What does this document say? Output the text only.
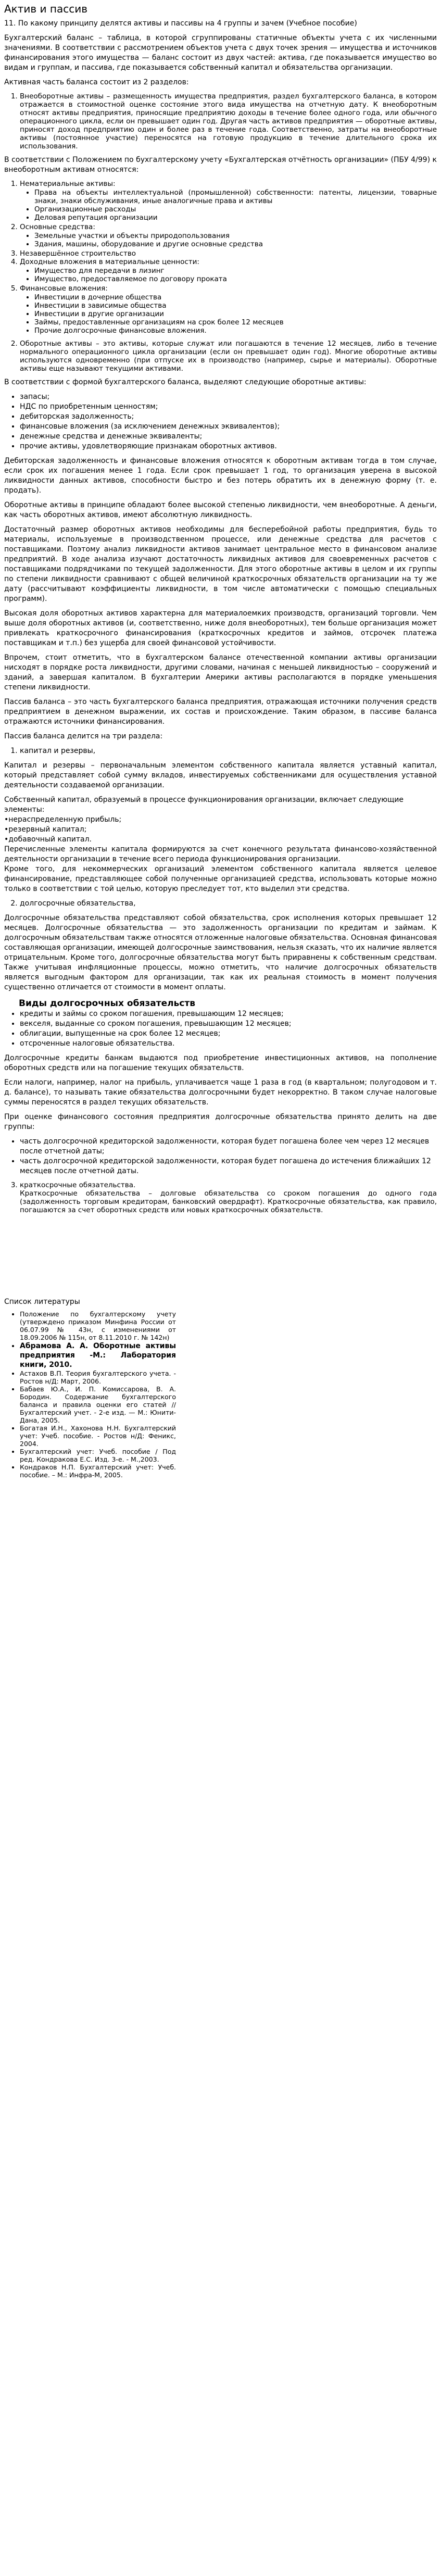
Актив и пассив

11. По какому принципу делятся активы и пассивы на 4 группы и зачем (Учебное пособие)

Бухгалтерский баланс – таблица, в которой сгруппированы статичные объекты учета с их численными значениями. В соответствии с рассмотрением объектов учета с двух точек зрения — имущества и источников финансирования этого имущества — баланс состоит из двух частей: актива, где показывается имущество во видам и группам, и пассива, где показывается собственный капитал и обязательства организации.

Активная часть баланса состоит из 2 разделов:

1. Внеоборотные активы – размещенность имущества предприятия, раздел бухгалтерского баланса, в котором отражается в стоимостной оценке состояние этого вида имущества на отчетную дату. К внеоборотным относят активы предприятия, приносящие предприятию доходы в течение более одного года, или обычного операционного цикла, если он превышает один год. Другая часть активов предприятия — оборотные активы, приносят доход предприятию один и более раз в течение года. Соответственно, затраты на внеоборотные активы (постоянное участие) переносятся на готовую продукцию в течение длительного срока их использования.

В соответствии с Положением по бухгалтерскому учету «Бухгалтерская отчётность организации» (ПБУ 4/99) к внеоборотным активам относятся:

1. Нематериальные активы:
• Права на объекты интеллектуальной (промышленной) собственности: патенты, лицензии, товарные знаки, знаки обслуживания, иные аналогичные права и активы
• Организационные расходы
• Деловая репутация организации
2. Основные средства:
• Земельные участки и объекты природопользования
• Здания, машины, оборудование и другие основные средства
3. Незавершённое строительство
4. Доходные вложения в материальные ценности:
• Имущество для передачи в лизинг
• Имущество, предоставляемое по договору проката
5. Финансовые вложения:
• Инвестиции в дочерние общества
• Инвестиции в зависимые общества
• Инвестиции в другие организации
• Займы, предоставленные организациям на срок более 12 месяцев
• Прочие долгосрочные финансовые вложения.
2. Оборотные активы – это активы, которые служат или погашаются в течение 12 месяцев, либо в течение нормального операционного цикла организации (если он превышает один год). Многие оборотные активы используются одновременно (при отпуске их в производство (например, сырье и материалы). Оборотные активы еще называют текущими активами.

В соответствии с формой бухгалтерского баланса, выделяют следующие оборотные активы:

• запасы;
• НДС по приобретенным ценностям;
• дебиторская задолженность;
• финансовые вложения (за исключением денежных эквивалентов);
• денежные средства и денежные эквиваленты;
• прочие активы, удовлетворяющие признакам оборотных активов.

Дебиторская задолженность и финансовые вложения относятся к оборотным активам тогда в том случае, если срок их погашения менее 1 года. Если срок превышает 1 год, то организация уверена в высокой ликвидности данных активов, способности быстро и без потерь обратить их в денежную форму (т. е. продать).

Оборотные активы в принципе обладают более высокой степенью ликвидности, чем внеоборотные. А деньги, как часть оборотных активов, имеют абсолютную ликвидность.

Достаточный размер оборотных активов необходимы для бесперебойной работы предприятия, будь то материалы, используемые в производственном процессе, или денежные средства для расчетов с поставщиками. Поэтому анализ ликвидности активов занимает центральное место в финансовом анализе предприятий. В ходе анализа изучают достаточность ликвидных активов для своевременных расчетов с поставщиками подрядчиками по текущей задолженности. Для этого оборотные активы в целом и их группы по степени ликвидности сравнивают с общей величиной краткосрочных обязательств организации на ту же дату (рассчитывают коэффициенты ликвидности, в том числе автоматически с помощью специальных программ).

Высокая доля оборотных активов характерна для материалоемких производств, организаций торговли. Чем выше доля оборотных активов (и, соответственно, ниже доля внеоборотных), тем больше организация может привлекать краткосрочного финансирования (краткосрочных кредитов и займов, отсрочек платежа поставщикам и т.п.) без ущерба для своей финансовой устойчивости.

Впрочем, стоит отметить, что в бухгалтерском балансе отечественной компании активы организации нисходят в порядке роста ликвидности, другими словами, начиная с меньшей ликвидностью – сооружений и зданий, а завершая капиталом. В бухгалтерии Америки активы располагаются в порядке уменьшения степени ликвидности.

Пассив баланса – это часть бухгалтерского баланса предприятия, отражающая источники получения средств предприятием в денежном выражении, их состав и происхождение. Таким образом, в пассиве баланса отражаются источники финансирования.

Пассив баланса делится на три раздела:

1. капитал и резервы,

Капитал и резервы – первоначальным элементом собственного капитала является уставный капитал, который представляет собой сумму вкладов, инвестируемых собственниками для осуществления уставной деятельности создаваемой организации.

Собственный капитал, образуемый в процессе функционирования организации, включает следующие элементы:

•нераспределенную прибыль;

•резервный капитал;

•добавочный капитал.

Перечисленные элементы капитала формируются за счет конечного результата финансово-хозяйственной деятельности организации в течение всего периода функционирования организации.

Кроме того, для некоммерческих организаций элементом собственного капитала является целевое финансирование, представляющее собой полученные организацией средства, использовать которые можно только в соответствии с той целью, которую преследует тот, кто выделил эти средства.

2. долгосрочные обязательства,

Долгосрочные обязательства представляют собой обязательства, срок исполнения которых превышает 12 месяцев. Долгосрочные обязательства — это задолженность организации по кредитам и займам. К долгосрочным обязательствам также относятся отложенные налоговые обязательства. Основная финансовая составляющая организации, имеющей долгосрочные заимствования, нельзя сказать, что их наличие является отрицательным. Кроме того, долгосрочные обязательства могут быть приравнены к собственным средствам. Также учитывая инфляционные процессы, можно отметить, что наличие долгосрочных обязательств является выгодным фактором для организации, так как их реальная стоимость в момент получения существенно отличается от стоимости в момент оплаты.

Виды долгосрочных обязательств
• кредиты и займы со сроком погашения, превышающим 12 месяцев;
• векселя, выданные со сроком погашения, превышающим 12 месяцев;
• облигации, выпущенные на срок более 12 месяцев;
• отсроченные налоговые обязательства.

Долгосрочные кредиты банкам выдаются под приобретение инвестиционных активов, на пополнение оборотных средств или на погашение текущих обязательств.

Если налоги, например, налог на прибыль, уплачивается чаще 1 раза в год (в квартальном; полугодовом и т. д. балансе), то называть такие обязательства долгосрочными будет некорректно. В таком случае налоговые суммы переносятся в раздел текущих обязательств.

При оценке финансового состояния предприятия долгосрочные обязательства принято делить на две группы:

• часть долгосрочной кредиторской задолженности, которая будет погашена более чем через 12 месяцев после отчетной даты;
• часть долгосрочной кредиторской задолженности, которая будет погашена до истечения ближайших 12 месяцев после отчетной даты.
3. краткосрочные обязательства.
Краткосрочные обязательства – долговые обязательства со сроком погашения до одного года (задолженность торговым кредиторам, банковский овердрафт). Краткосрочные обязательства, как правило, погашаются за счет оборотных средств или новых краткосрочных обязательств.

Список литературы

• Положение по бухгалтерскому учету (утверждено приказом Минфина России от 06.07.99 № 43н, с изменениями от 18.09.2006 № 115н, от 8.11.2010 г. № 142н)
• Абрамова А. А. Оборотные активы предприятия -М.: Лаборатория книги, 2010.
• Астахов В.П. Теория бухгалтерского учета. - Ростов н/Д: Март, 2006.
• Бабаев Ю.А., И. П. Комиссарова, В. А. Бородин. Содержание бухгалтерского баланса и правила оценки его статей // Бухгалтерский учет. - 2-е изд. — М.: Юнити-Дана, 2005.
• Богатая И.Н., Хахонова Н.Н. Бухгалтерский учет: Учеб. пособие. - Ростов н/Д: Феникс, 2004.
• Бухгалтерский учет: Учеб. пособие / Под ред. Кондракова Е.С. Изд. 3-е. - М.,2003.
• Кондраков Н.П. Бухгалтерский учет: Учеб. пособие. – М.: Инфра-М, 2005.
